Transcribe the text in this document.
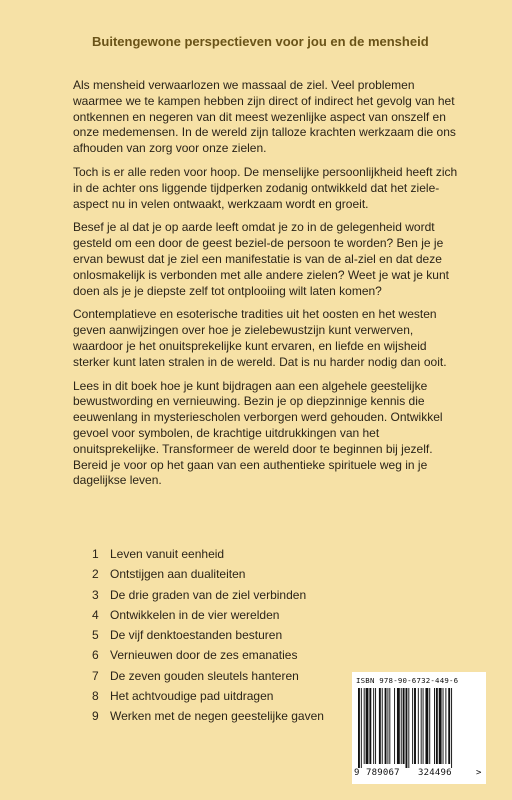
Buitengewone perspectieven voor jou en de mensheid

Als mensheid verwaarlozen we massaal de ziel. Veel problemen waarmee we te kampen hebben zijn direct of indirect het gevolg van het ontkennen en negeren van dit meest wezenlijke aspect van onszelf en onze medemensen. In de wereld zijn talloze krachten werkzaam die ons afhouden van zorg voor onze zielen.

Toch is er alle reden voor hoop. De menselijke persoonlijkheid heeft zich in de achter ons liggende tijdperken zodanig ontwikkeld dat het ziele-aspect nu in velen ontwaakt, werkzaam wordt en groeit.

Besef je al dat je op aarde leeft omdat je zo in de gelegenheid wordt gesteld om een door de geest beziel-de persoon te worden? Ben je je ervan bewust dat je ziel een manifestatie is van de al-ziel en dat deze onlosmakelijk is verbonden met alle andere zielen? Weet je wat je kunt doen als je je diepste zelf tot ontplooiing wilt laten komen?

Contemplatieve en esoterische tradities uit het oosten en het westen geven aanwijzingen over hoe je zielebewustzijn kunt verwerven, waardoor je het onuitsprekelijke kunt ervaren, en liefde en wijsheid sterker kunt laten stralen in de wereld. Dat is nu harder nodig dan ooit.

Lees in dit boek hoe je kunt bijdragen aan een algehele geestelijke bewustwording en vernieuwing. Bezin je op diepzinnige kennis die eeuwenlang in mysteriescholen verborgen werd gehouden. Ontwikkel gevoel voor symbolen, de krachtige uitdrukkingen van het onuitsprekelijke. Transformeer de wereld door te beginnen bij jezelf. Bereid je voor op het gaan van een authentieke spirituele weg in je dagelijkse leven.

1 Leven vanuit eenheid
2 Ontstijgen aan dualiteiten
3 De drie graden van de ziel verbinden
4 Ontwikkelen in de vier werelden
5 De vijf denktoestanden besturen
6 Vernieuwen door de zes emanaties
7 De zeven gouden sleutels hanteren
8 Het achtvoudige pad uitdragen
9 Werken met de negen geestelijke gaven
ISBN 978-90-6732-449-6
9 789067 324496	>
